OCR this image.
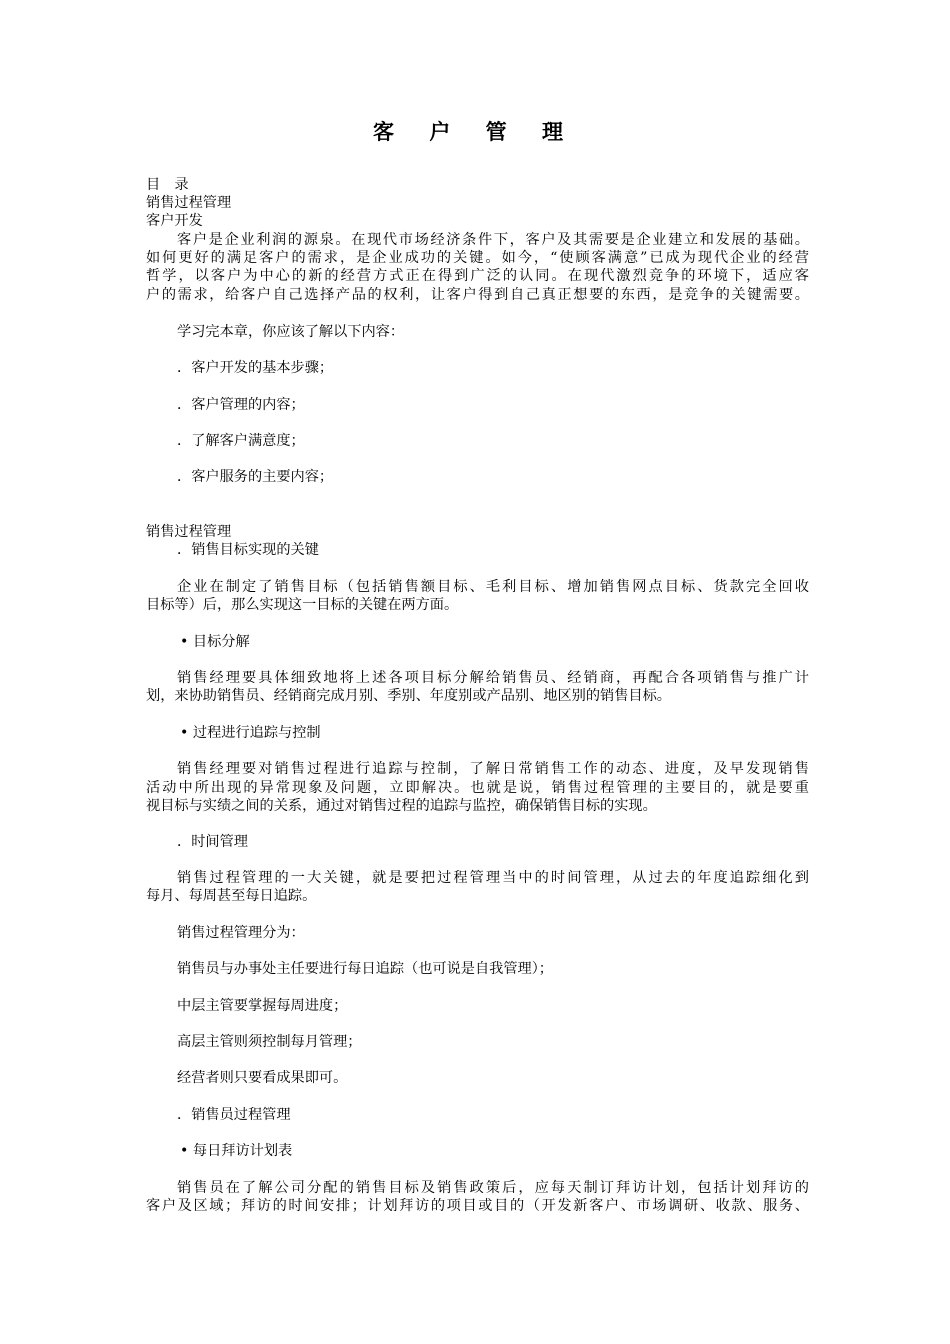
客 户 管 理
目　录
销售过程管理
客户开发
客户是企业利润的源泉。在现代市场经济条件下，客户及其需要是企业建立和发展的基础。
如何更好的满足客户的需求，是企业成功的关键。如今，“使顾客满意”已成为现代企业的经营
哲学，以客户为中心的新的经营方式正在得到广泛的认同。在现代激烈竞争的环境下，适应客
户的需求，给客户自己选择产品的权利，让客户得到自己真正想要的东西，是竞争的关键需要。
学习完本章，你应该了解以下内容：
．客户开发的基本步骤；
．客户管理的内容；
．了解客户满意度；
．客户服务的主要内容；
销售过程管理
．销售目标实现的关键
企业在制定了销售目标（包括销售额目标、毛利目标、增加销售网点目标、货款完全回收
目标等）后，那么实现这一目标的关键在两方面。
• 目标分解
销售经理要具体细致地将上述各项目标分解给销售员、经销商，再配合各项销售与推广计
划，来协助销售员、经销商完成月别、季别、年度别或产品别、地区别的销售目标。
• 过程进行追踪与控制
销售经理要对销售过程进行追踪与控制，了解日常销售工作的动态、进度，及早发现销售
活动中所出现的异常现象及问题，立即解决。也就是说，销售过程管理的主要目的，就是要重
视目标与实绩之间的关系，通过对销售过程的追踪与监控，确保销售目标的实现。
．时间管理
销售过程管理的一大关键，就是要把过程管理当中的时间管理，从过去的年度追踪细化到
每月、每周甚至每日追踪。
销售过程管理分为：
销售员与办事处主任要进行每日追踪（也可说是自我管理）；
中层主管要掌握每周进度；
高层主管则须控制每月管理；
经营者则只要看成果即可。
．销售员过程管理
• 每日拜访计划表
销售员在了解公司分配的销售目标及销售政策后，应每天制订拜访计划，包括计划拜访的
客户及区域；拜访的时间安排；计划拜访的项目或目的（开发新客户、市场调研、收款、服务、
